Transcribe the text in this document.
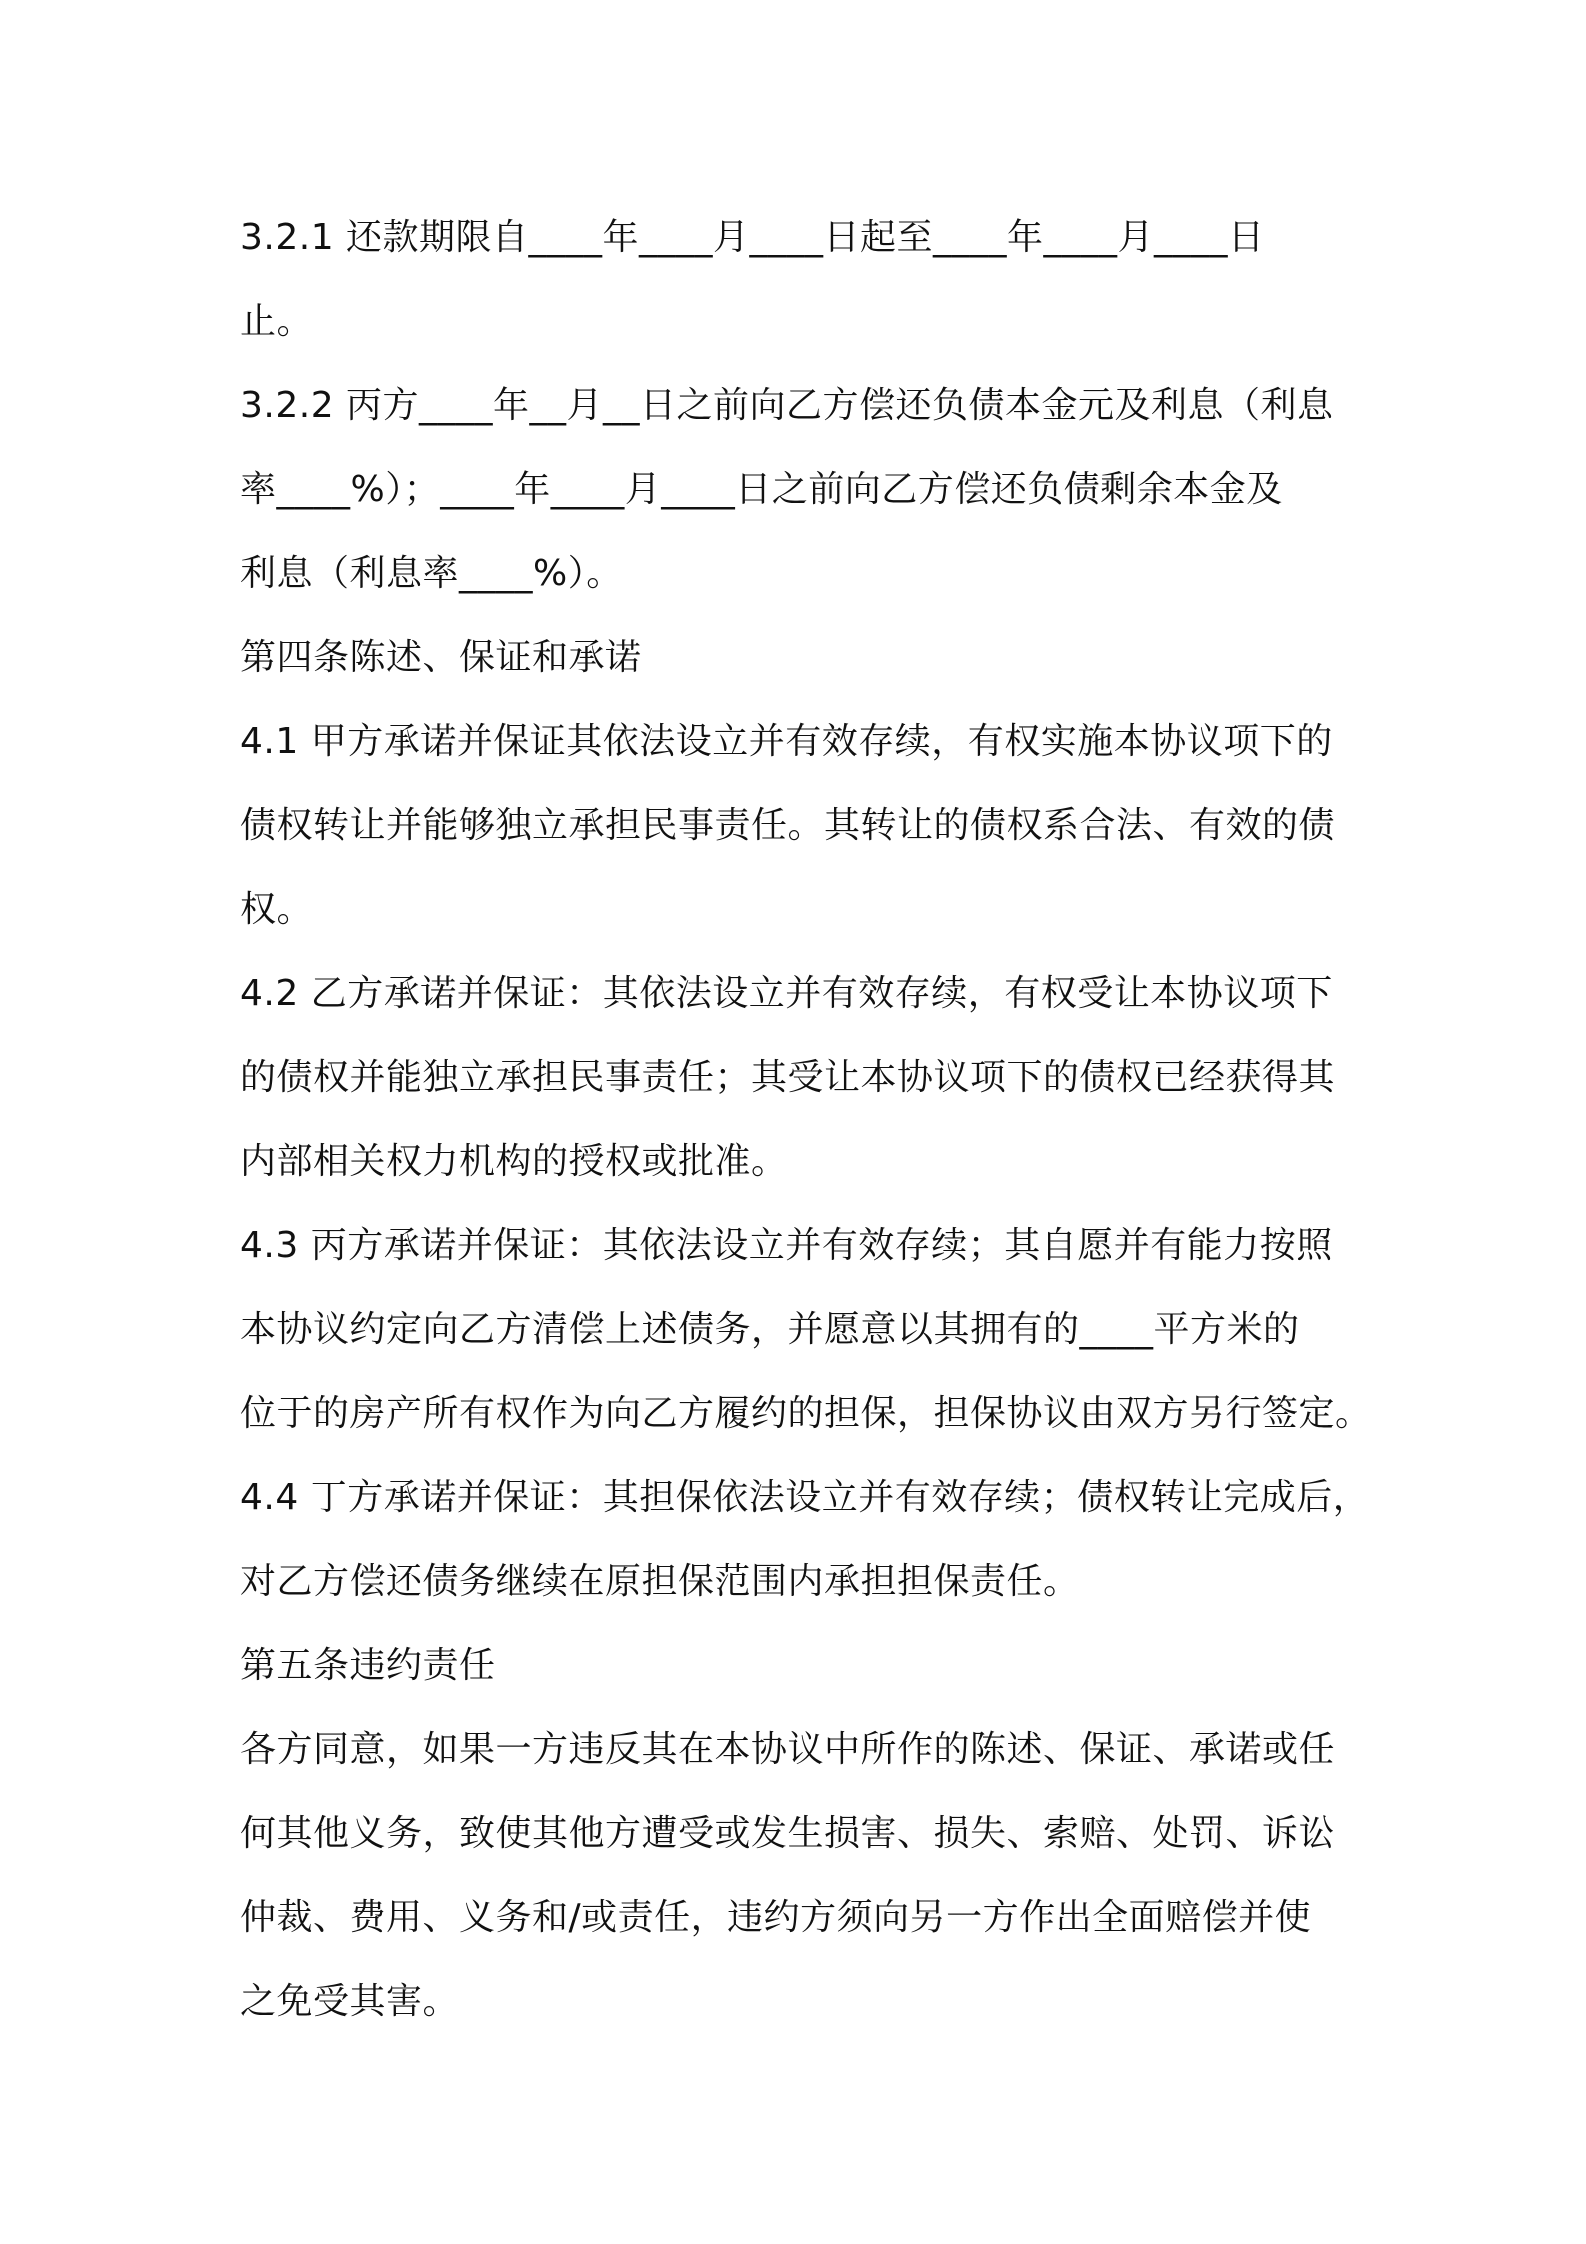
3.2.1 还款期限自____年____月____日起至____年____月____日
止。
3.2.2 丙方____年__月__日之前向乙方偿还负债本金元及利息（利息
率____%）；____年____月____日之前向乙方偿还负债剩余本金及
利息（利息率____%）。
第四条陈述、保证和承诺
4.1 甲方承诺并保证其依法设立并有效存续，有权实施本协议项下的
债权转让并能够独立承担民事责任。其转让的债权系合法、有效的债
权。
4.2 乙方承诺并保证：其依法设立并有效存续，有权受让本协议项下
的债权并能独立承担民事责任；其受让本协议项下的债权已经获得其
内部相关权力机构的授权或批准。
4.3 丙方承诺并保证：其依法设立并有效存续；其自愿并有能力按照
本协议约定向乙方清偿上述债务，并愿意以其拥有的____平方米的
位于的房产所有权作为向乙方履约的担保，担保协议由双方另行签定。
4.4 丁方承诺并保证：其担保依法设立并有效存续；债权转让完成后，
对乙方偿还债务继续在原担保范围内承担担保责任。
第五条违约责任
各方同意，如果一方违反其在本协议中所作的陈述、保证、承诺或任
何其他义务，致使其他方遭受或发生损害、损失、索赔、处罚、诉讼
仲裁、费用、义务和/或责任，违约方须向另一方作出全面赔偿并使
之免受其害。
